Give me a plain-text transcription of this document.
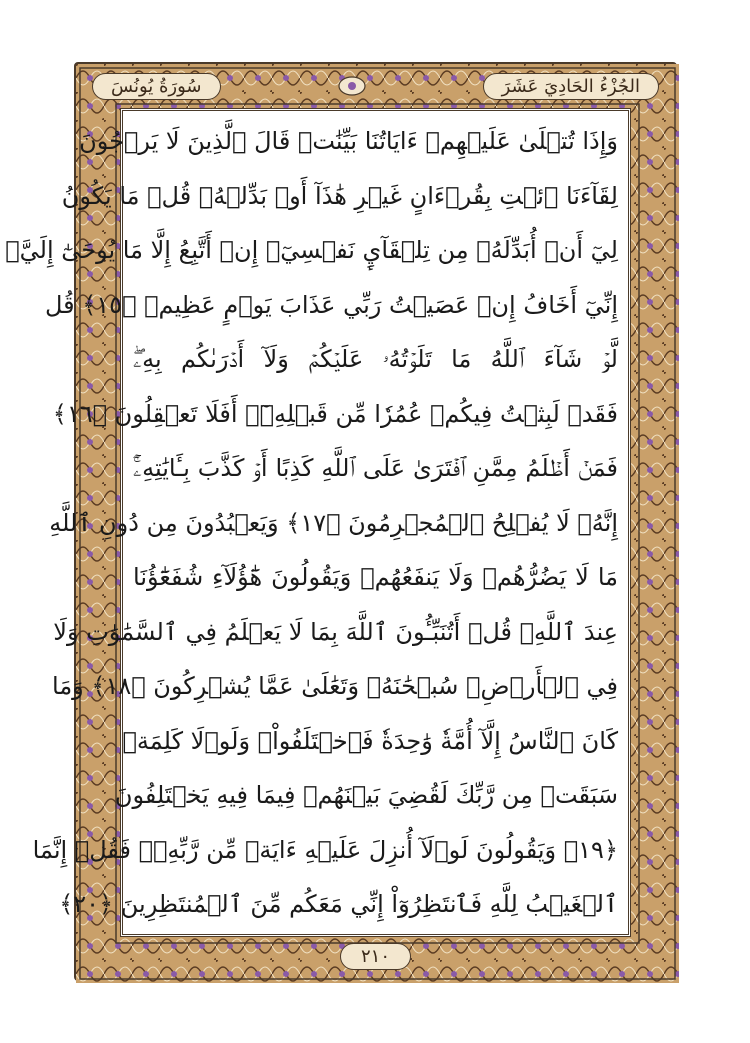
سُورَةُ يُونُسَ	الجُزْءُ الحَادِيَ عَشَرَ
وَإِذَا تُتۡلَىٰ عَلَيۡهِمۡ ءَايَاتُنَا بَيِّنَٰتٖ قَالَ ٱلَّذِينَ لَا يَرۡجُونَ
لِقَآءَنَا ٱئۡتِ بِقُرۡءَانٍ غَيۡرِ هَٰذَآ أَوۡ بَدِّلۡهُۚ قُلۡ مَا يَكُونُ
لِيٓ أَنۡ أُبَدِّلَهُۥ مِن تِلۡقَآيِٕ نَفۡسِيٓۖ إِنۡ أَتَّبِعُ إِلَّا مَا يُوحَىٰٓ إِلَيَّۖ
إِنِّيٓ أَخَافُ إِنۡ عَصَيۡتُ رَبِّي عَذَابَ يَوۡمٍ عَظِيمٖ ﴿١٥﴾ قُل
لَّوۡ شَآءَ ٱللَّهُ مَا تَلَوۡتُهُۥ عَلَيۡكُمۡ وَلَآ أَدۡرَىٰكُم بِهِۦۖ
فَقَدۡ لَبِثۡتُ فِيكُمۡ عُمُرٗا مِّن قَبۡلِهِۦٓۚ أَفَلَا تَعۡقِلُونَ ﴿١٦﴾
فَمَنۡ أَظۡلَمُ مِمَّنِ ٱفۡتَرَىٰ عَلَى ٱللَّهِ كَذِبًا أَوۡ كَذَّبَ بِـَٔايَٰتِهِۦٓۚ
إِنَّهُۥ لَا يُفۡلِحُ ٱلۡمُجۡرِمُونَ ﴿١٧﴾ وَيَعۡبُدُونَ مِن دُونِ ٱللَّهِ
مَا لَا يَضُرُّهُمۡ وَلَا يَنفَعُهُمۡ وَيَقُولُونَ هَٰٓؤُلَآءِ شُفَعَٰٓؤُنَا
عِندَ ٱللَّهِۚ قُلۡ أَتُنَبِّـُٔونَ ٱللَّهَ بِمَا لَا يَعۡلَمُ فِي ٱلسَّمَٰوَٰتِ وَلَا
فِي ٱلۡأَرۡضِۚ سُبۡحَٰنَهُۥ وَتَعَٰلَىٰ عَمَّا يُشۡرِكُونَ ﴿١٨﴾ وَمَا
كَانَ ٱلنَّاسُ إِلَّآ أُمَّةٗ وَٰحِدَةٗ فَٱخۡتَلَفُواْۚ وَلَوۡلَا كَلِمَةٞ
سَبَقَتۡ مِن رَّبِّكَ لَقُضِيَ بَيۡنَهُمۡ فِيمَا فِيهِ يَخۡتَلِفُونَ
﴿١٩﴾ وَيَقُولُونَ لَوۡلَآ أُنزِلَ عَلَيۡهِ ءَايَةٞ مِّن رَّبِّهِۦۖ فَقُلۡ إِنَّمَا
ٱلۡغَيۡبُ لِلَّهِ فَٱنتَظِرُوٓاْ إِنِّي مَعَكُم مِّنَ ٱلۡمُنتَظِرِينَ ﴿٢٠﴾
٢١٠
